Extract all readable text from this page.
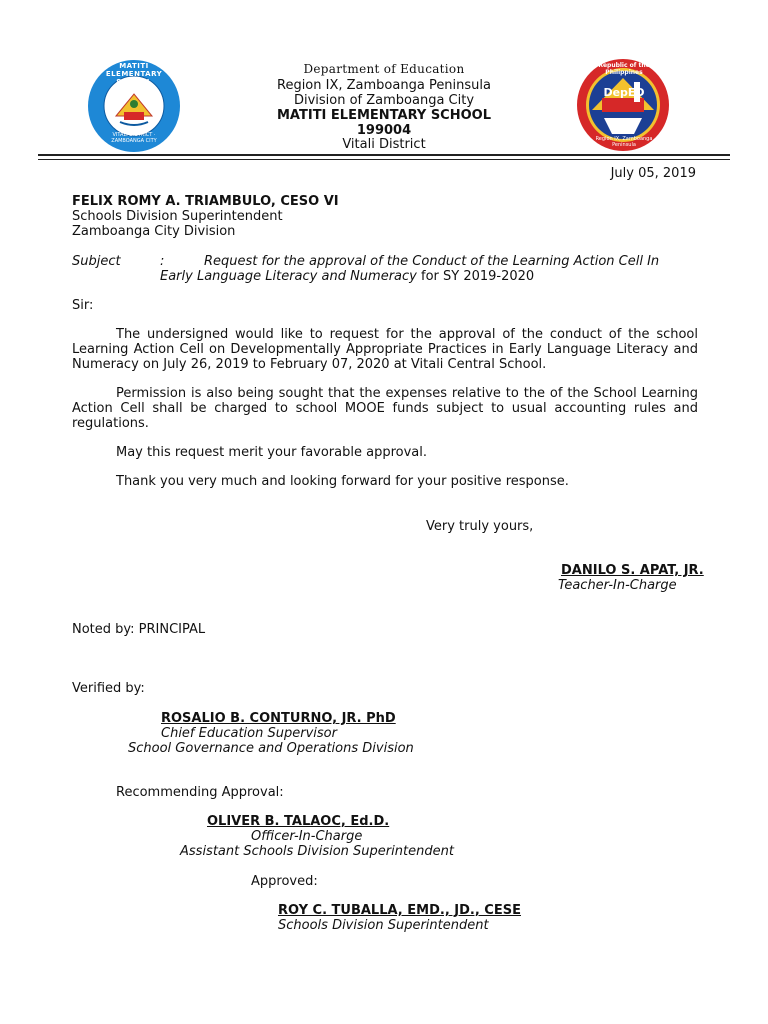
MATITI ELEMENTARY SCHOOL
VITALI DISTRICT · ZAMBOANGA CITY
Republic of the Philippines
DepED
Region IX, Zamboanga Peninsula
Department of Education
Region IX, Zamboanga Peninsula
Division of Zamboanga City
MATITI ELEMENTARY SCHOOL
199004
Vitali District
July 05, 2019
FELIX ROMY A. TRIAMBULO, CESO VI
Schools Division Superintendent
Zamboanga City Division
Subject	:	Request for the approval of the Conduct of the Learning Action Cell In
Early Language Literacy and Numeracy for SY 2019-2020
Sir:
The undersigned would like to request for the approval of the conduct of the school Learning Action Cell on Developmentally Appropriate Practices in Early Language Literacy and Numeracy on July 26, 2019 to February 07, 2020 at Vitali Central School.
Permission is also being sought that the expenses relative to the of the School Learning Action Cell shall be charged to school MOOE funds subject to usual accounting rules and regulations.
May this request merit your favorable approval.
Thank you very much and looking forward for your positive response.
Very truly yours,
DANILO S. APAT, JR.
Teacher-In-Charge
Noted by: PRINCIPAL
Verified by:
ROSALIO B. CONTURNO, JR. PhD
Chief Education Supervisor
School Governance and Operations Division
Recommending Approval:
OLIVER B. TALAOC, Ed.D.
Officer-In-Charge
Assistant Schools Division Superintendent
Approved:
ROY C. TUBALLA, EMD., JD., CESE
Schools Division Superintendent
